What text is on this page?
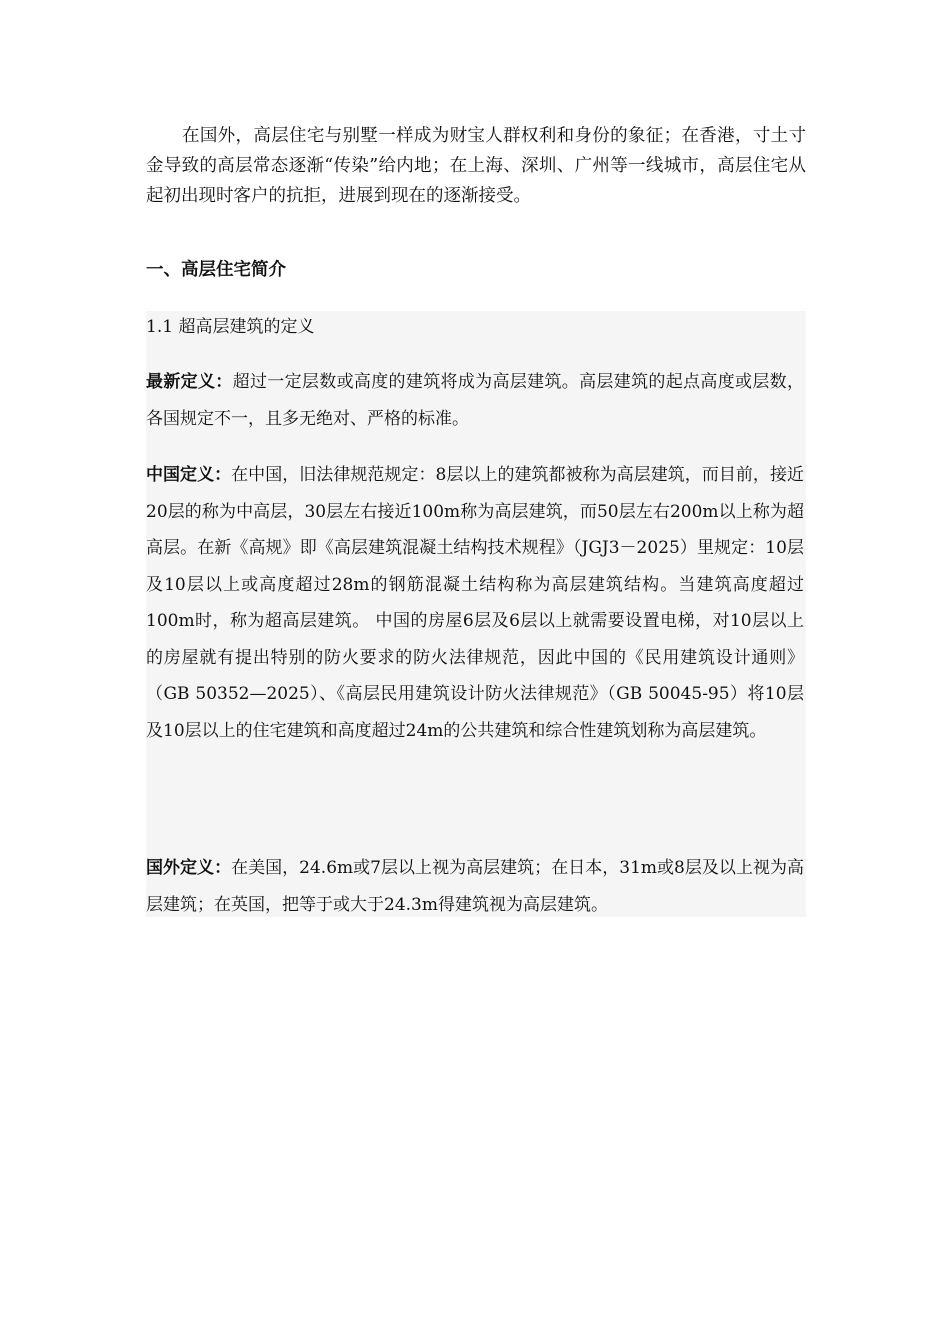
在国外，高层住宅与别墅一样成为财宝人群权利和身份的象征；在香港，寸土寸金导致的高层常态逐渐“传染”给内地；在上海、深圳、广州等一线城市，高层住宅从起初出现时客户的抗拒，进展到现在的逐渐接受。

一、高层住宅简介

1.1 超高层建筑的定义

最新定义：超过一定层数或高度的建筑将成为高层建筑。高层建筑的起点高度或层数，各国规定不一，且多无绝对、严格的标准。

中国定义：在中国，旧法律规范规定：8层以上的建筑都被称为高层建筑，而目前，接近20层的称为中高层，30层左右接近100m称为高层建筑，而50层左右200m以上称为超高层。在新《高规》即《高层建筑混凝土结构技术规程》（JGJ3－2025）里规定：10层及10层以上或高度超过28m的钢筋混凝土结构称为高层建筑结构。当建筑高度超过100m时，称为超高层建筑。 中国的房屋6层及6层以上就需要设置电梯，对10层以上的房屋就有提出特别的防火要求的防火法律规范，因此中国的《民用建筑设计通则》（GB 50352—2025）、《高层民用建筑设计防火法律规范》（GB 50045-95）将10层及10层以上的住宅建筑和高度超过24m的公共建筑和综合性建筑划称为高层建筑。

国外定义：在美国，24.6m或7层以上视为高层建筑；在日本，31m或8层及以上视为高层建筑；在英国，把等于或大于24.3m得建筑视为高层建筑。
